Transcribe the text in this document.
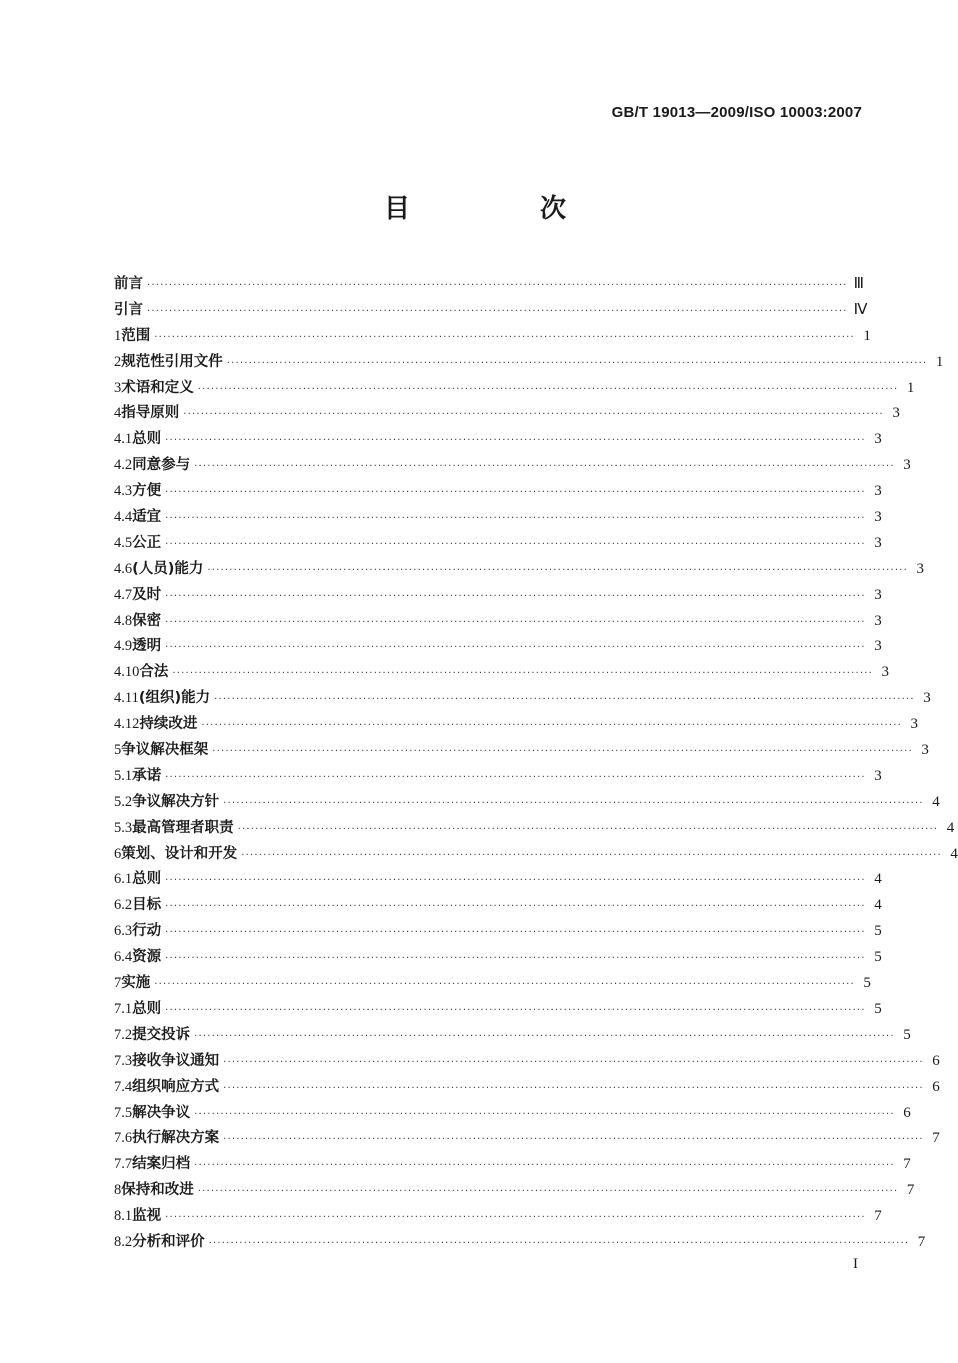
GB/T 19013—2009/ISO 10003:2007
目　次
前言 ································································································································································ Ⅲ
引言 ································································································································································ Ⅳ
1 范围 ································································································································································ 1
2 规范性引用文件 ································································································································································ 1
3 术语和定义 ································································································································································ 1
4 指导原则 ································································································································································ 3
4.1 总则 ································································································································································ 3
4.2 同意参与 ································································································································································ 3
4.3 方便 ································································································································································ 3
4.4 适宜 ································································································································································ 3
4.5 公正 ································································································································································ 3
4.6 (人员)能力 ································································································································································ 3
4.7 及时 ································································································································································ 3
4.8 保密 ································································································································································ 3
4.9 透明 ································································································································································ 3
4.10 合法 ································································································································································ 3
4.11 (组织)能力 ································································································································································ 3
4.12 持续改进 ································································································································································ 3
5 争议解决框架 ································································································································································ 3
5.1 承诺 ································································································································································ 3
5.2 争议解决方针 ································································································································································ 4
5.3 最高管理者职责 ································································································································································ 4
6 策划、设计和开发 ································································································································································ 4
6.1 总则 ································································································································································ 4
6.2 目标 ································································································································································ 4
6.3 行动 ································································································································································ 5
6.4 资源 ································································································································································ 5
7 实施 ································································································································································ 5
7.1 总则 ································································································································································ 5
7.2 提交投诉 ································································································································································ 5
7.3 接收争议通知 ································································································································································ 6
7.4 组织响应方式 ································································································································································ 6
7.5 解决争议 ································································································································································ 6
7.6 执行解决方案 ································································································································································ 7
7.7 结案归档 ································································································································································ 7
8 保持和改进 ································································································································································ 7
8.1 监视 ································································································································································ 7
8.2 分析和评价 ································································································································································ 7
I
